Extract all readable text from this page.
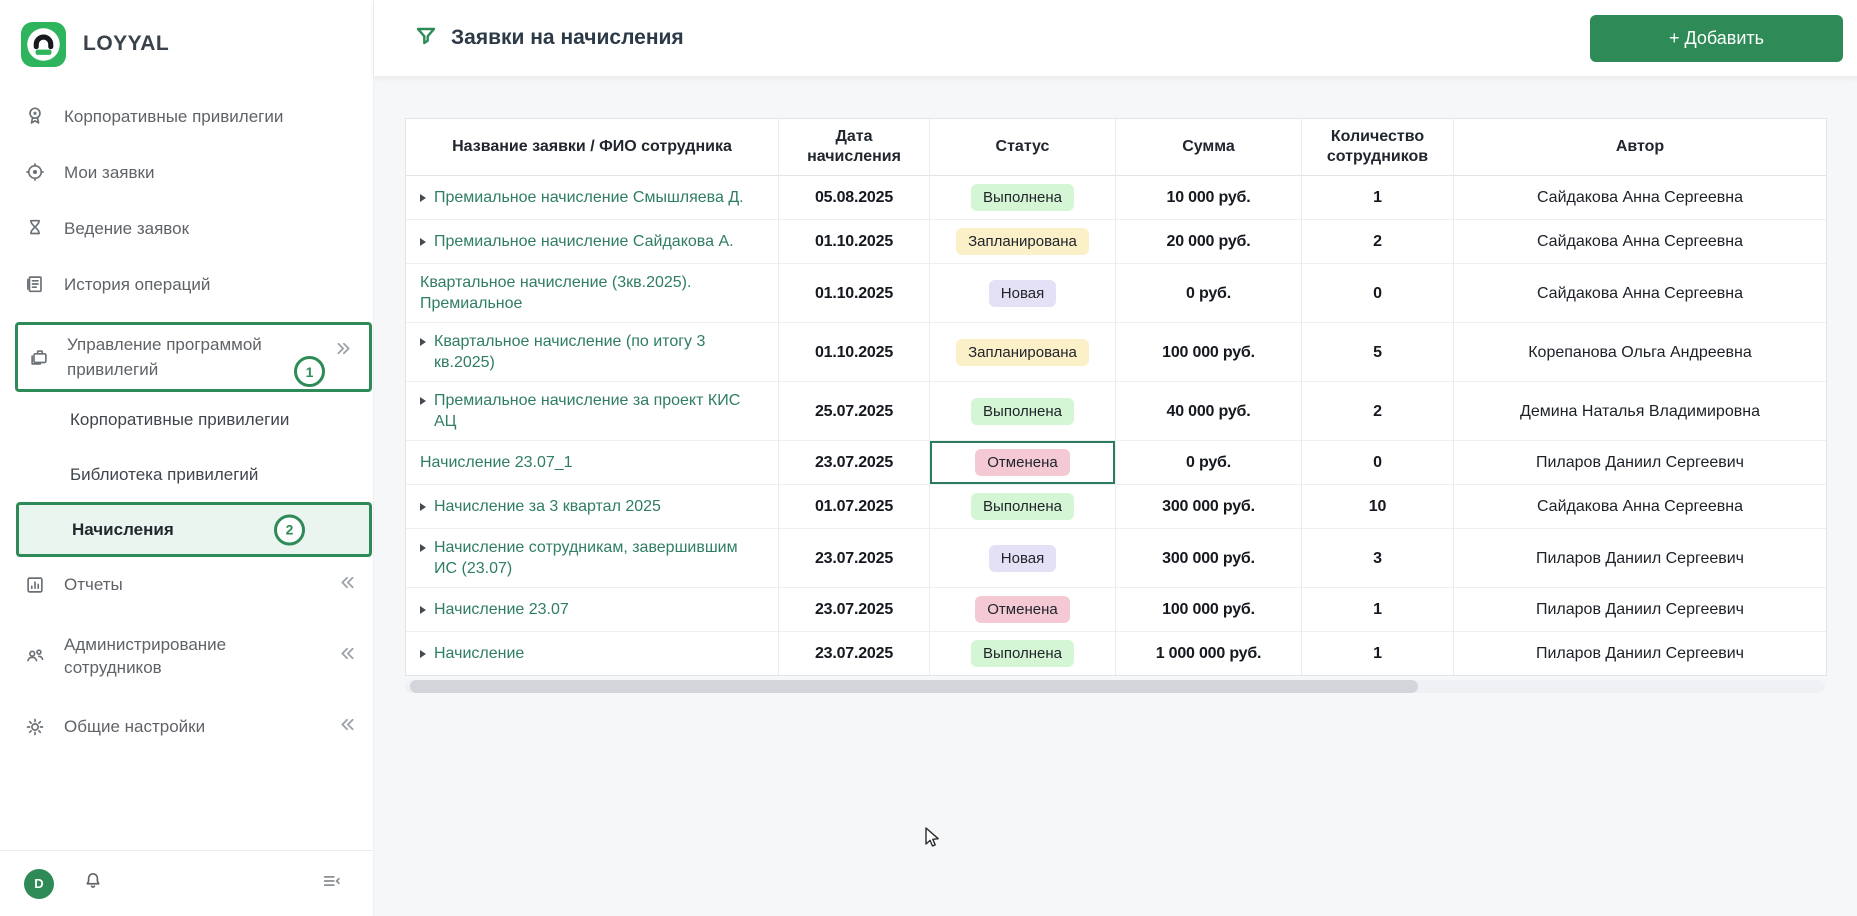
LOYYAL
Корпоративные привилегии
Мои заявки
Ведение заявок
История операций
Управление программой привилегий	1
Корпоративные привилегии
Библиотека привилегий
Начисления	2
Отчеты
Администрирование сотрудников
Общие настройки
D
Заявки на начисления	+ Добавить
Название заявки / ФИО сотрудника	Дата начисления	Статус	Сумма	Количество сотрудников	Автор

Премиальное начисление Смышляева Д.	05.08.2025	Выполнена	10 000 руб.	1	Сайдакова Анна Сергеевна

Премиальное начисление Сайдакова А.	01.10.2025	Запланирована	20 000 руб.	2	Сайдакова Анна Сергеевна

Квартальное начисление (3кв.2025). Премиальное	01.10.2025	Новая	0 руб.	0	Сайдакова Анна Сергеевна

Квартальное начисление (по итогу 3 кв.2025)	01.10.2025	Запланирована	100 000 руб.	5	Корепанова Ольга Андреевна

Премиальное начисление за проект КИС АЦ	25.07.2025	Выполнена	40 000 руб.	2	Демина Наталья Владимировна

Начисление 23.07_1	23.07.2025	Отменена	0 руб.	0	Пиларов Даниил Сергеевич

Начисление за 3 квартал 2025	01.07.2025	Выполнена	300 000 руб.	10	Сайдакова Анна Сергеевна

Начисление сотрудникам, завершившим ИС (23.07)	23.07.2025	Новая	300 000 руб.	3	Пиларов Даниил Сергеевич

Начисление 23.07	23.07.2025	Отменена	100 000 руб.	1	Пиларов Даниил Сергеевич

Начисление	23.07.2025	Выполнена	1 000 000 руб.	1	Пиларов Даниил Сергеевич
